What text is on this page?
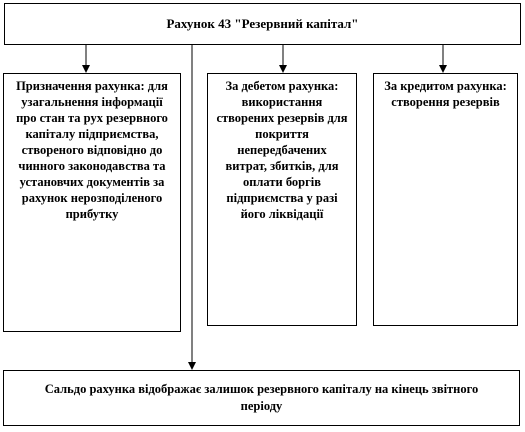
Рахунок 43 "Резервний капітал"
Призначення рахунка: для узагальнення інформації про стан та рух резервного капіталу підприємства, створеного відповідно до чинного законодавства та установчих документів за рахунок нерозподіленого прибутку
За дебетом рахунка: використання створених резервів для покриття непередбачених витрат, збитків, для оплати боргів підприємства у разі його ліквідації
За кредитом рахунка: створення резервів
Сальдо рахунка відображає залишок резервного капіталу на кінець звітного періоду
